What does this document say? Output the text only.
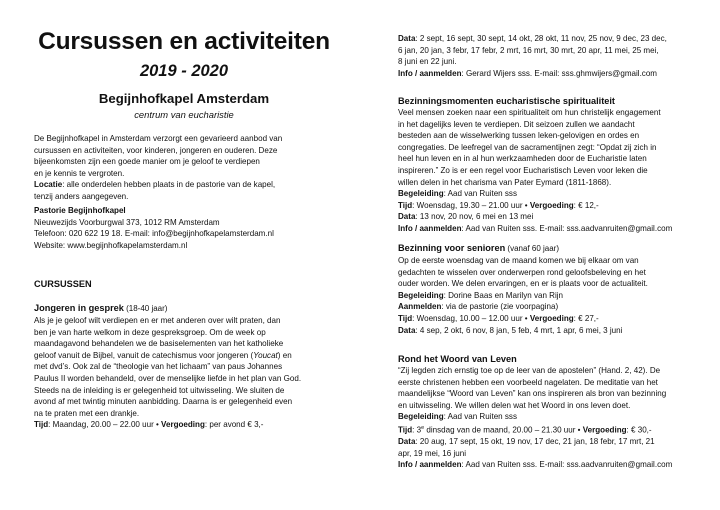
Cursussen en activiteiten
2019 - 2020
Begijnhofkapel Amsterdam
centrum van eucharistie
De Begijnhofkapel in Amsterdam verzorgt een gevarieerd aanbod van
cursussen en activiteiten, voor kinderen, jongeren en ouderen. Deze
bijeenkomsten zijn een goede manier om je geloof te verdiepen
en je kennis te vergroten.
Locatie: alle onderdelen hebben plaats in de pastorie van de kapel,
tenzij anders aangegeven.
Pastorie Begijnhofkapel
Nieuwezijds Voorburgwal 373, 1012 RM Amsterdam
Telefoon: 020 622 19 18. E-mail: info@begijnhofkapelamsterdam.nl
Website: www.begijnhofkapelamsterdam.nl
CURSUSSEN
Jongeren in gesprek (18-40 jaar)
Als je je geloof wilt verdiepen en er met anderen over wilt praten, dan
ben je van harte welkom in deze gespreksgroep. Om de week op
maandagavond behandelen we de basiselementen van het katholieke
geloof vanuit de Bijbel, vanuit de catechismus voor jongeren (Youcat) en
met dvd’s. Ook zal de “theologie van het lichaam” van paus Johannes
Paulus II worden behandeld, over de menselijke liefde in het plan van God.
Steeds na de inleiding is er gelegenheid tot uitwisseling. We sluiten de
avond af met twintig minuten aanbidding. Daarna is er gelegenheid even
na te praten met een drankje.
Tijd: Maandag, 20.00 – 22.00 uur • Vergoeding: per avond € 3,-
Data: 2 sept, 16 sept, 30 sept, 14 okt, 28 okt, 11 nov, 25 nov, 9 dec, 23 dec,
6 jan, 20 jan, 3 febr, 17 febr, 2 mrt, 16 mrt, 30 mrt, 20 apr, 11 mei, 25 mei,
8 juni en 22 juni.
Info / aanmelden: Gerard Wijers sss. E-mail: sss.ghmwijers@gmail.com
Bezinningsmomenten eucharistische spiritualiteit
Veel mensen zoeken naar een spiritualiteit om hun christelijk engagement
in het dagelijks leven te verdiepen. Dit seizoen zullen we aandacht
besteden aan de wisselwerking tussen leken-gelovigen en ordes en
congregaties. De leefregel van de sacramentijnen zegt: “Opdat zij zich in
heel hun leven en in al hun werkzaamheden door de Eucharistie laten
inspireren.” Zo is er een regel voor Eucharistisch Leven voor leken die
willen delen in het charisma van Pater Eymard (1811-1868).
Begeleiding: Aad van Ruiten sss
Tijd: Woensdag, 19.30 – 21.00 uur • Vergoeding: € 12,-
Data: 13 nov, 20 nov, 6 mei en 13 mei
Info / aanmelden: Aad van Ruiten sss. E-mail: sss.aadvanruiten@gmail.com
Bezinning voor senioren (vanaf 60 jaar)
Op de eerste woensdag van de maand komen we bij elkaar om van
gedachten te wisselen over onderwerpen rond geloofsbeleving en het
ouder worden. We delen ervaringen, en er is plaats voor de actualiteit.
Begeleiding: Dorine Baas en Marilyn van Rijn
Aanmelden: via de pastorie (zie voorpagina)
Tijd: Woensdag, 10.00 – 12.00 uur • Vergoeding: € 27,-
Data: 4 sep, 2 okt, 6 nov, 8 jan, 5 feb, 4 mrt, 1 apr, 6 mei, 3 juni
Rond het Woord van Leven
“Zij legden zich ernstig toe op de leer van de apostelen” (Hand. 2, 42). De
eerste christenen hebben een voorbeeld nagelaten. De meditatie van het
maandelijkse “Woord van Leven” kan ons inspireren als bron van bezinning
en uitwisseling. We willen delen wat het Woord in ons leven doet.
Begeleiding: Aad van Ruiten sss
Tijd: 3e dinsdag van de maand, 20.00 – 21.30 uur • Vergoeding: € 30,-
Data: 20 aug, 17 sept, 15 okt, 19 nov, 17 dec, 21 jan, 18 febr, 17 mrt, 21
apr, 19 mei, 16 juni
Info / aanmelden: Aad van Ruiten sss. E-mail: sss.aadvanruiten@gmail.com
